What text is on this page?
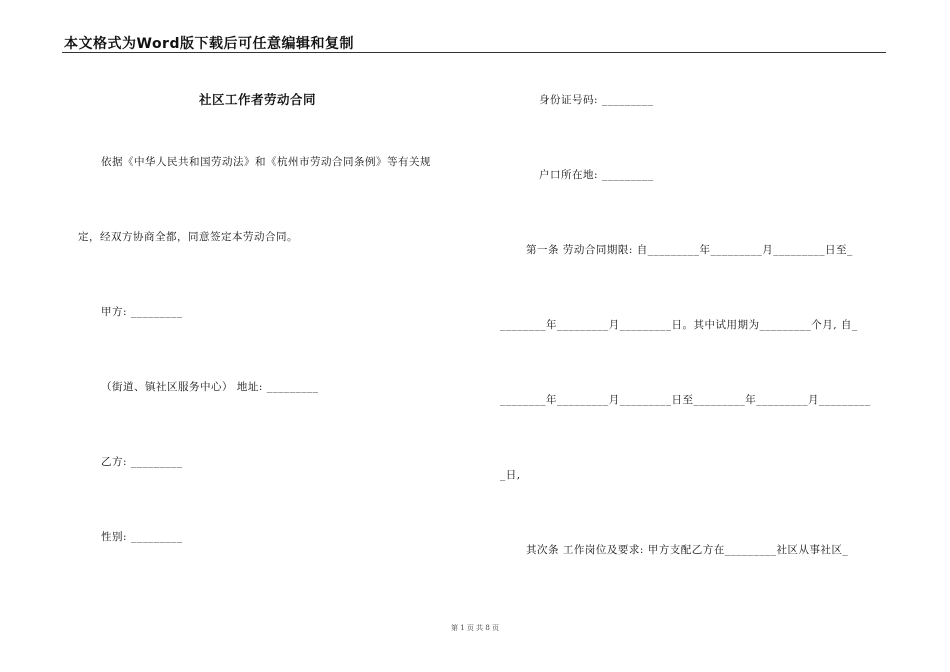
本文格式为Word版下载后可任意编辑和复制
社区工作者劳动合同
依据《中华人民共和国劳动法》和《杭州市劳动合同条例》等有关规
定，经双方协商全都，同意签定本劳动合同。
甲方: _________
（街道、镇社区服务中心） 地址: _________
乙方: _________
性别: _________
身份证号码: _________
户口所在地: _________
第一条 劳动合同期限: 自_________年_________月_________日至_
________年_________月_________日。其中试用期为_________个月, 自_
________年_________月_________日至_________年_________月_________
_日,
其次条 工作岗位及要求: 甲方支配乙方在_________社区从事社区_
第 1 页 共 8 页
